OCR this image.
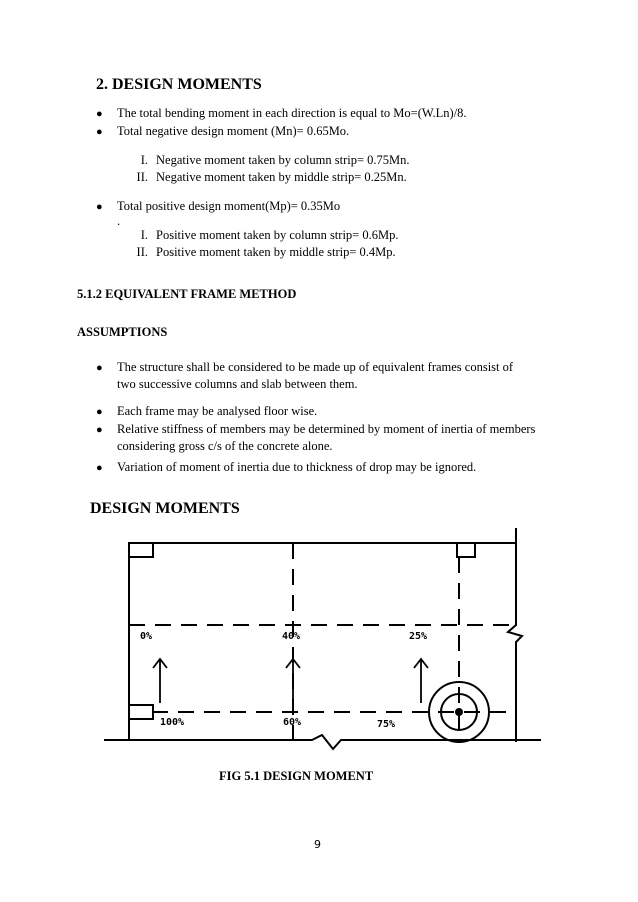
2. DESIGN MOMENTS
● The total bending moment in each direction is equal to Mo=(W.Ln)/8.
● Total negative design moment (Mn)= 0.65Mo.
I. Negative moment taken by column strip= 0.75Mn.
II. Negative moment taken by middle strip= 0.25Mn.
● Total positive design moment(Mp)= 0.35Mo
.
I. Positive moment taken by column strip= 0.6Mp.
II. Positive moment taken by middle strip= 0.4Mp.
5.1.2 EQUIVALENT FRAME METHOD
ASSUMPTIONS
● The structure shall be considered to be made up of equivalent frames consist of
two successive columns and slab between them.
● Each frame may be analysed floor wise.
● Relative stiffness of members may be determined by moment of inertia of members
considering gross c/s of the concrete alone.
● Variation of moment of inertia due to thickness of drop may be ignored.
DESIGN MOMENTS
0%	40%	25%
100%	60%	75%
FIG 5.1 DESIGN MOMENT
9
